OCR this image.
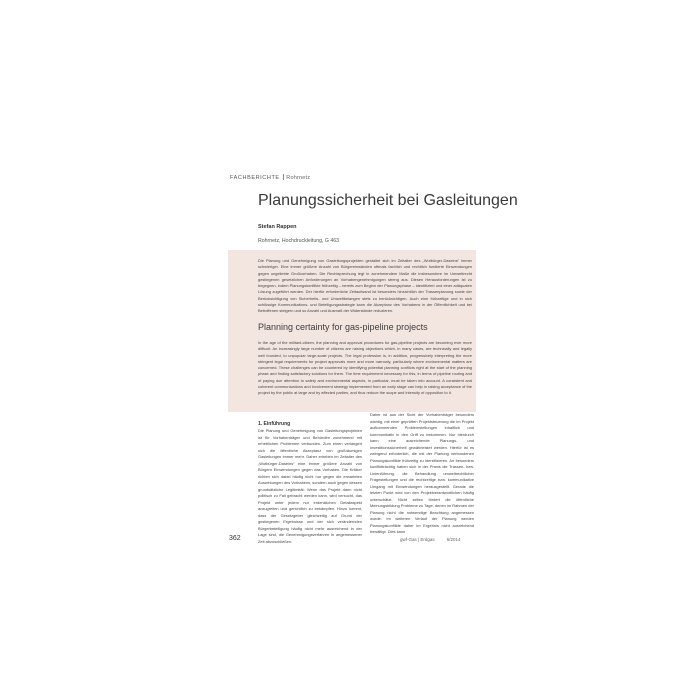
FACHBERICHTE Rohrnetz
Planungssicherheit bei Gasleitungen
Stefan Rappen
Rohrnetz, Hochdruckleitung, G 463
Die Planung und Genehmigung von Gasleitungsprojekten gestaltet sich im Zeitalter des „Wutbürger-Daseins“ immer schwieriger. Eine immer größere Anzahl von Bürgereinwänden oftmals fachlich und rechtlich fundierte Einwendungen gegen ungeliebte Großvorhaben. Die Rechtsprechung legt in zunehmendem Maße die insbesondere im Umweltrecht gestiegenen gesetzlichen Anforderungen an Vorhabengenehmigungen streng aus. Diesen Herausforderungen ist zu begegnen, indem Planungskonflikte frühzeitig – bereits zum Beginn der Planungsphase – identifiziert und einer adäquaten Lösung zugeführt werden. Der hierfür erforderliche Zeitaufwand ist besonders hinsichtlich der Trassenplanung sowie der Berücksichtigung von Sicherheits- und Umweltbelangen stets zu berücksichtigen. Auch eine frühzeitige und in sich schlüssige Kommunikations- und Beteiligungsstrategie kann die Akzeptanz des Vorhabens in der Öffentlichkeit und bei Betroffenen steigern und so Anzahl und Ausmaß der Widerstände reduzieren.
Planning certainty for gas-pipeline projects
In the age of the militant-citizen, the planning and approval procedures for gas-pipeline projects are becoming ever more difficult. An increasingly large number of citizens are raising objections which, in many cases, are technically and legally well founded, to unpopular large-scale projects. The legal profession is, in addition, progressively interpreting the more stringent legal requirements for project approvals more and more narrowly, particularly where environmental matters are concerned. These challenges can be countered by identifying potential planning conflicts right at the start of the planning phase and finding satisfactory solutions for them. The time requirement necessary for this, in terms of pipeline routing and of paying due attention to safety and environmental aspects, in particular, must be taken into account. A consistent and coherent communications and involvement strategy implemented from an early stage can help in raising acceptance of the project by the public at large and by affected parties, and thus reduce the scope and intensity of opposition to it.
1. Einführung
Die Planung und Genehmigung von Gasleitungsprojekten ist für Vorhabenträger und Behörden zunehmend mit erheblichen Problemen verbunden. Zum einen verlangert sich die öffentliche Akzeptanz von großräumigen Gasleitungen immer mehr. Daher erheben im Zeitalter des „Wutbürger-Daseins“ eine immer größere Anzahl von Bürgern Einwendungen gegen das Vorhaben. Die Kritiker richten sich dabei häufig nicht nur gegen die erwarteten Auswirkungen des Vorhabens, sondern auch gegen dessen grundsätzliche Legitimität: Wenn das Projekt dann nicht politisch zu Fall gebracht werden kann, wird versucht, das Projekt unter jedem nur erdenklichen Detailaspekt anzugreifen und gerichtlich zu bekämpfen. Hinzu kommt, dass der Gesetzgeber gleichzeitig auf Grund der gestiegenen Ergebnisse und der sich verändernden Bürgerbeteiligung häufig nicht mehr ausreichend in der Lage sind, die Genehmigungsverfahren in angemessener Zeit abzuschließen.
Daher ist aus der Sicht der Vorhabenträger besonders wichtig, mit einer geprüften Projektsteuerung die im Projekt aufkommenden Problemstellungen inhaltlich und kommunikativ in den Griff zu bekommen. Nur hierdurch kann eine ausreichende Planungs- und Investitionssicherheit gewährleistet werden. Hierfür ist es zwingend erforderlich, die mit der Planung verbundenen Planungskonflikte frühzeitig zu identifizieren. An besonders konfliktträchtig haben sich in der Praxis die Trassen- bzw. Linienführung, die Behandlung umweltrechtlicher Fragestellungen und die rechtzeitige bzw. kommunikative Umgang mit Einwendungen herausgestellt. Gerade die letzten Punkt wird von den Projektverantwortlichen häufig unterschätzt. Nicht selten fördert die öffentliche Meinungsbildung Probleme zu Tage, denen im Rahmen der Planung nicht die notwendige Beachtung angemessen wurde. Im weiteren Verlauf der Planung werden Planungskonflikte daher im Ergebnis nicht ausreichend bewältigt. Dies kann
362	gwf-Gas | Erdgas	6/2014
